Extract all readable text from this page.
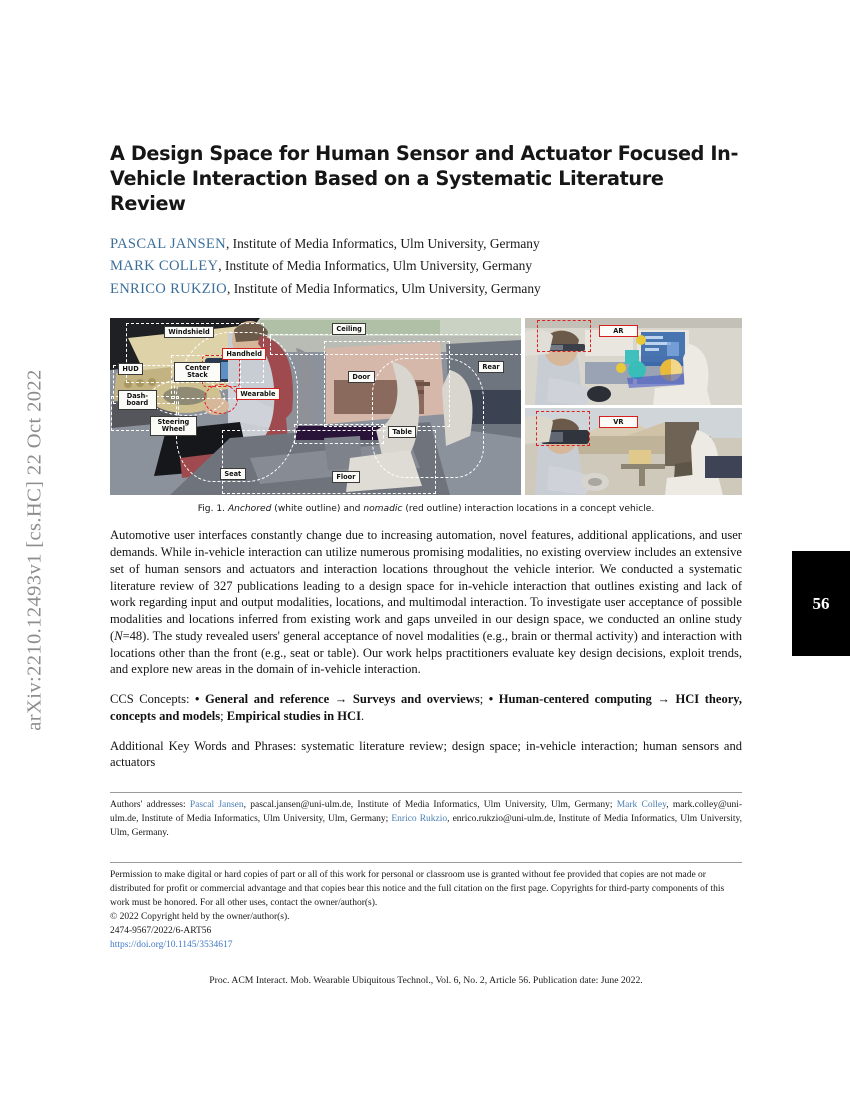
arXiv:2210.12493v1 [cs.HC] 22 Oct 2022	56
A Design Space for Human Sensor and Actuator Focused In-Vehicle Interaction Based on a Systematic Literature Review
PASCAL JANSEN, Institute of Media Informatics, Ulm University, Germany
MARK COLLEY, Institute of Media Informatics, Ulm University, Germany
ENRICO RUKZIO, Institute of Media Informatics, Ulm University, Germany
Windshield	Ceiling
HUD	Center Stack
Dash-board
Steering Wheel
Seat	Floor
Door
Table
Rear
Handheld
Wearable
AR
VR
Fig. 1. Anchored (white outline) and nomadic (red outline) interaction locations in a concept vehicle.
Automotive user interfaces constantly change due to increasing automation, novel features, additional applications, and user demands. While in-vehicle interaction can utilize numerous promising modalities, no existing overview includes an extensive set of human sensors and actuators and interaction locations throughout the vehicle interior. We conducted a systematic literature review of 327 publications leading to a design space for in-vehicle interaction that outlines existing and lack of work regarding input and output modalities, locations, and multimodal interaction. To investigate user acceptance of possible modalities and locations inferred from existing work and gaps unveiled in our design space, we conducted an online study (N=48). The study revealed users' general acceptance of novel modalities (e.g., brain or thermal activity) and interaction with locations other than the front (e.g., seat or table). Our work helps practitioners evaluate key design decisions, exploit trends, and explore new areas in the domain of in-vehicle interaction.
CCS Concepts: • General and reference → Surveys and overviews; • Human-centered computing → HCI theory, concepts and models; Empirical studies in HCI.
Additional Key Words and Phrases: systematic literature review; design space; in-vehicle interaction; human sensors and actuators
Authors' addresses: Pascal Jansen, pascal.jansen@uni-ulm.de, Institute of Media Informatics, Ulm University, Ulm, Germany; Mark Colley, mark.colley@uni-ulm.de, Institute of Media Informatics, Ulm University, Ulm, Germany; Enrico Rukzio, enrico.rukzio@uni-ulm.de, Institute of Media Informatics, Ulm University, Ulm, Germany.
Permission to make digital or hard copies of part or all of this work for personal or classroom use is granted without fee provided that copies are not made or distributed for profit or commercial advantage and that copies bear this notice and the full citation on the first page. Copyrights for third-party components of this work must be honored. For all other uses, contact the owner/author(s).
© 2022 Copyright held by the owner/author(s).
2474-9567/2022/6-ART56
https://doi.org/10.1145/3534617
Proc. ACM Interact. Mob. Wearable Ubiquitous Technol., Vol. 6, No. 2, Article 56. Publication date: June 2022.
